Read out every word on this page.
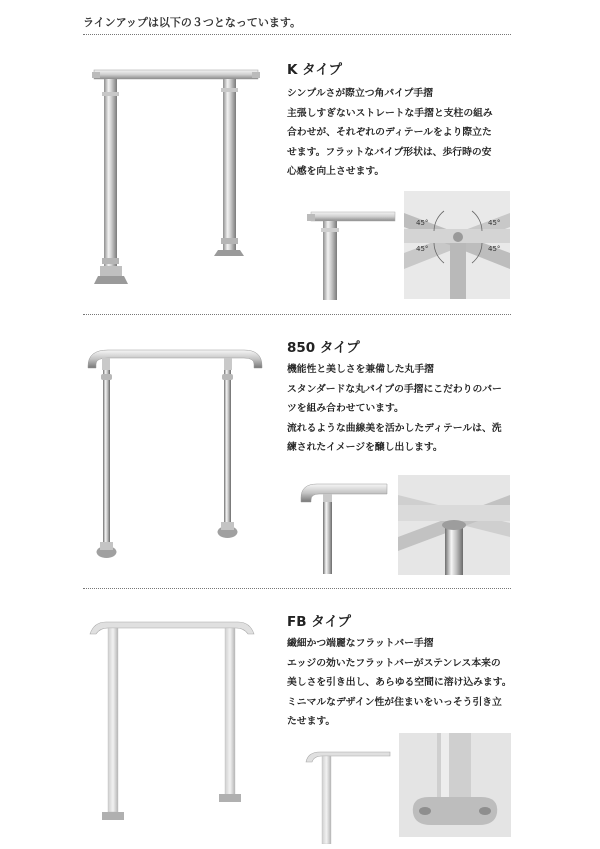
ラインアップは以下の３つとなっています。
K タイプ
シンプルさが際立つ角パイプ手摺
主張しすぎないストレートな手摺と支柱の組み
合わせが、それぞれのディテールをより際立た
せます。フラットなパイプ形状は、歩行時の安
心感を向上させます。
45°	45°
45°	45°
850 タイプ
機能性と美しさを兼備した丸手摺
スタンダードな丸パイプの手摺にこだわりのパー
ツを組み合わせています。
流れるような曲線美を活かしたディテールは、洗
練されたイメージを醸し出します。
FB タイプ
繊細かつ端麗なフラットバー手摺
エッジの効いたフラットバーがステンレス本来の
美しさを引き出し、あらゆる空間に溶け込みます。
ミニマルなデザイン性が住まいをいっそう引き立
たせます。
